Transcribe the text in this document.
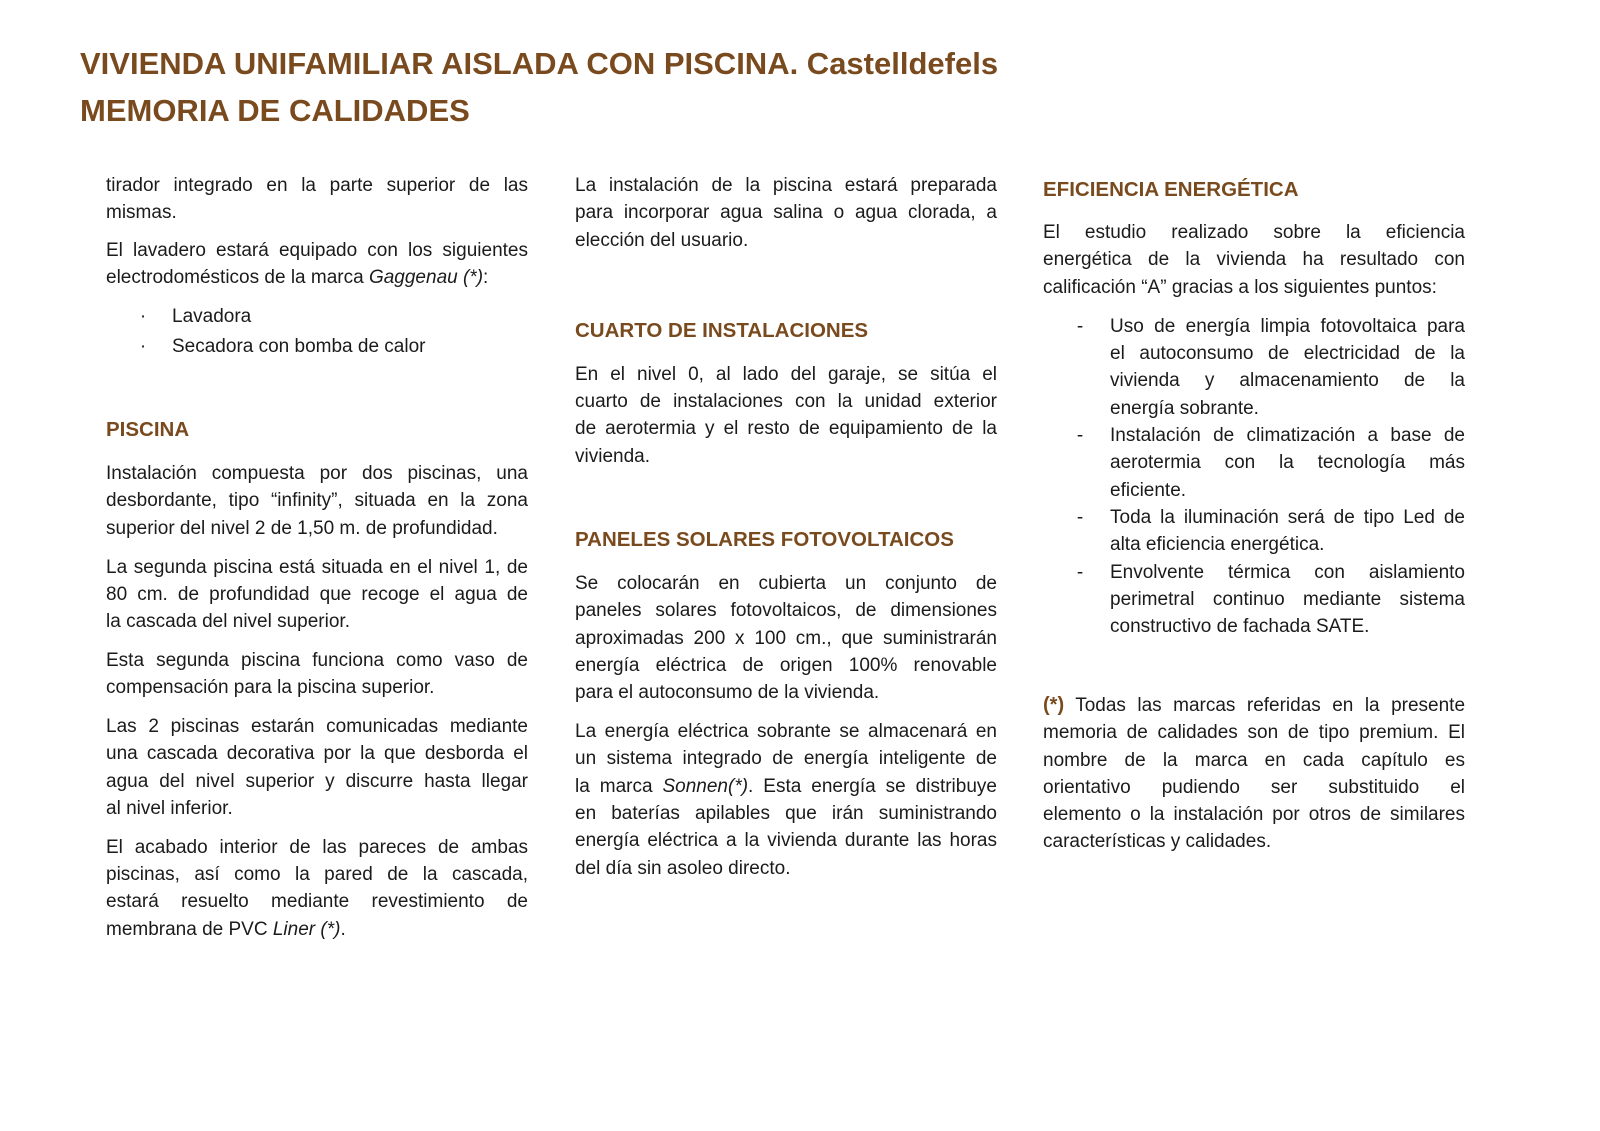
VIVIENDA UNIFAMILIAR AISLADA CON PISCINA. Castelldefels
MEMORIA DE CALIDADES
tirador integrado en la parte superior de las
mismas.
El lavadero estará equipado con los siguientes
electrodomésticos de la marca Gaggenau (*):
· Lavadora
· Secadora con bomba de calor
PISCINA
Instalación compuesta por dos piscinas, una
desbordante, tipo “infinity”, situada en la zona
superior del nivel 2 de 1,50 m. de profundidad.
La segunda piscina está situada en el nivel 1, de
80 cm. de profundidad que recoge el agua de
la cascada del nivel superior.
Esta segunda piscina funciona como vaso de
compensación para la piscina superior.
Las 2 piscinas estarán comunicadas mediante
una cascada decorativa por la que desborda el
agua del nivel superior y discurre hasta llegar
al nivel inferior.
El acabado interior de las pareces de ambas
piscinas, así como la pared de la cascada,
estará resuelto mediante revestimiento de
membrana de PVC Liner (*).
La instalación de la piscina estará preparada
para incorporar agua salina o agua clorada, a
elección del usuario.
CUARTO DE INSTALACIONES
En el nivel 0, al lado del garaje, se sitúa el
cuarto de instalaciones con la unidad exterior
de aerotermia y el resto de equipamiento de la
vivienda.
PANELES SOLARES FOTOVOLTAICOS
Se colocarán en cubierta un conjunto de
paneles solares fotovoltaicos, de dimensiones
aproximadas 200 x 100 cm., que suministrarán
energía eléctrica de origen 100% renovable
para el autoconsumo de la vivienda.
La energía eléctrica sobrante se almacenará en
un sistema integrado de energía inteligente de
la marca Sonnen(*). Esta energía se distribuye
en baterías apilables que irán suministrando
energía eléctrica a la vivienda durante las horas
del día sin asoleo directo.
EFICIENCIA ENERGÉTICA
El estudio realizado sobre la eficiencia
energética de la vivienda ha resultado con
calificación “A” gracias a los siguientes puntos:
- Uso de energía limpia fotovoltaica para
el autoconsumo de electricidad de la
vivienda y almacenamiento de la
energía sobrante.
- Instalación de climatización a base de
aerotermia con la tecnología más
eficiente.
- Toda la iluminación será de tipo Led de
alta eficiencia energética.
- Envolvente térmica con aislamiento
perimetral continuo mediante sistema
constructivo de fachada SATE.
(*) Todas las marcas referidas en la presente
memoria de calidades son de tipo premium. El
nombre de la marca en cada capítulo es
orientativo pudiendo ser substituido el
elemento o la instalación por otros de similares
características y calidades.
